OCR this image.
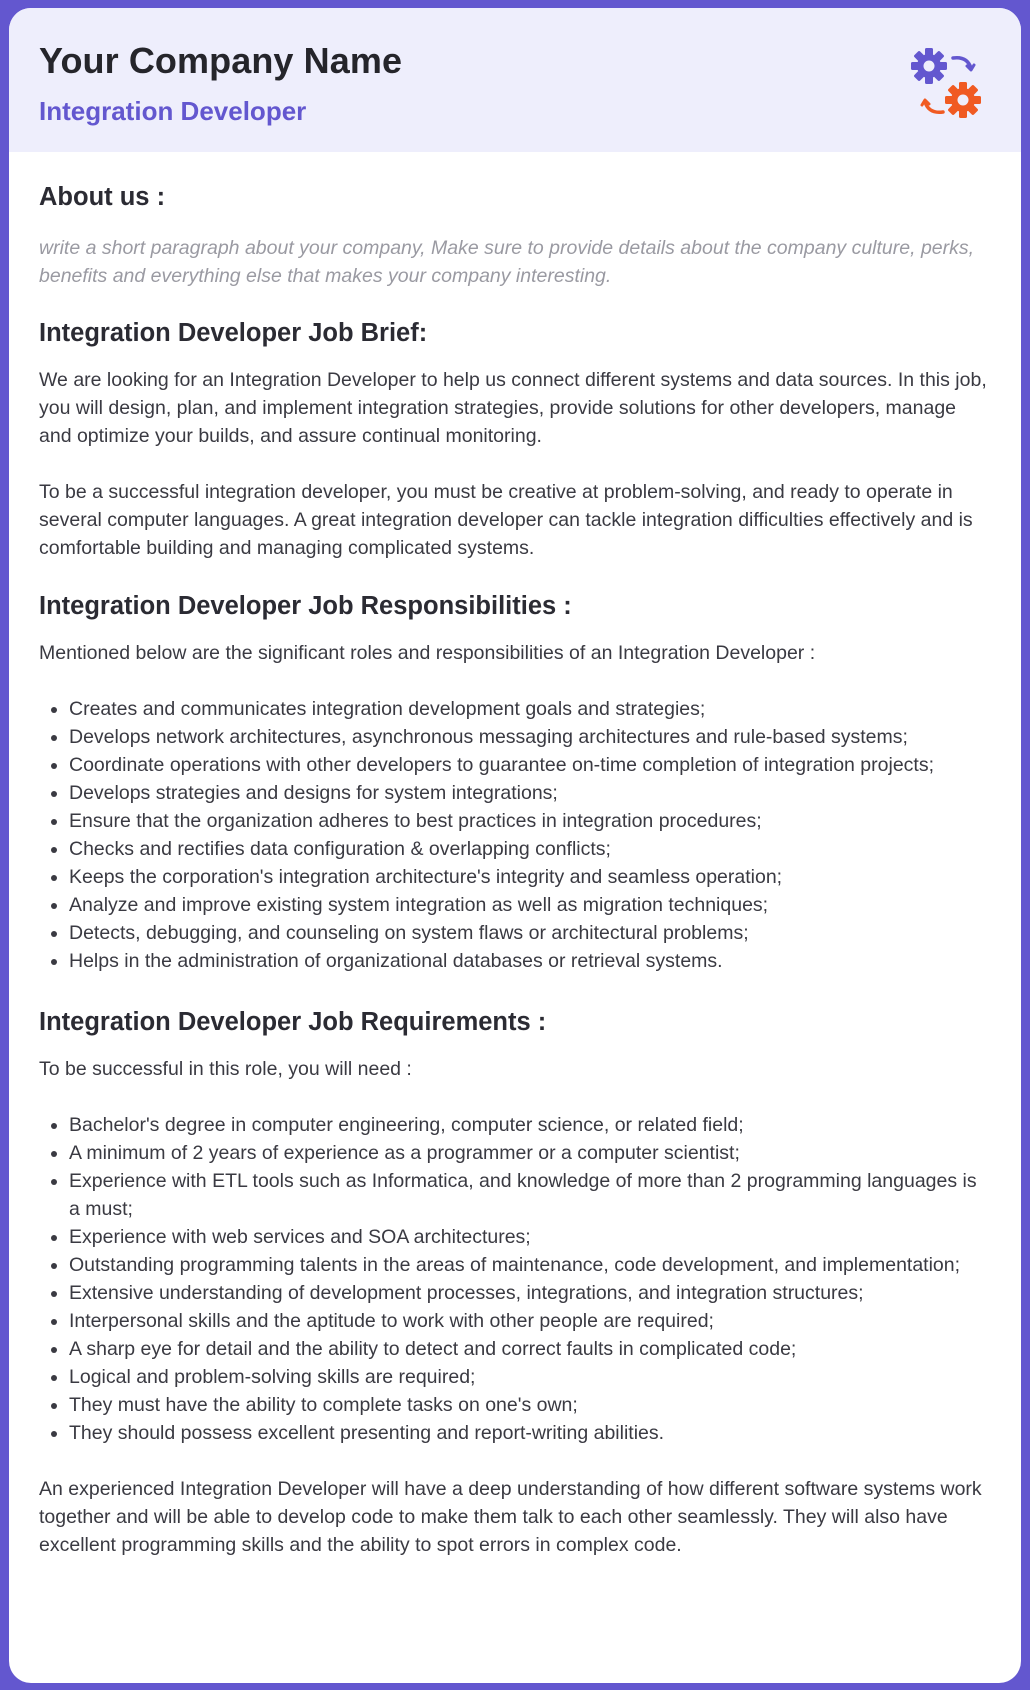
Your Company Name
Integration Developer
About us :

write a short paragraph about your company, Make sure to provide details about the company culture, perks, benefits and everything else that makes your company interesting.

Integration Developer Job Brief:

We are looking for an Integration Developer to help us connect different systems and data sources. In this job, you will design, plan, and implement integration strategies, provide solutions for other developers, manage and optimize your builds, and assure continual monitoring.

To be a successful integration developer, you must be creative at problem-solving, and ready to operate in several computer languages. A great integration developer can tackle integration difficulties effectively and is comfortable building and managing complicated systems.

Integration Developer Job Responsibilities :

Mentioned below are the significant roles and responsibilities of an Integration Developer :

Creates and communicates integration development goals and strategies;
Develops network architectures, asynchronous messaging architectures and rule-based systems;
Coordinate operations with other developers to guarantee on-time completion of integration projects;
Develops strategies and designs for system integrations;
Ensure that the organization adheres to best practices in integration procedures;
Checks and rectifies data configuration & overlapping conflicts;
Keeps the corporation's integration architecture's integrity and seamless operation;
Analyze and improve existing system integration as well as migration techniques;
Detects, debugging, and counseling on system flaws or architectural problems;
Helps in the administration of organizational databases or retrieval systems.
Integration Developer Job Requirements :

To be successful in this role, you will need :

Bachelor's degree in computer engineering, computer science, or related field;
A minimum of 2 years of experience as a programmer or a computer scientist;
Experience with ETL tools such as Informatica, and knowledge of more than 2 programming languages is a must;
Experience with web services and SOA architectures;
Outstanding programming talents in the areas of maintenance, code development, and implementation;
Extensive understanding of development processes, integrations, and integration structures;
Interpersonal skills and the aptitude to work with other people are required;
A sharp eye for detail and the ability to detect and correct faults in complicated code;
Logical and problem-solving skills are required;
They must have the ability to complete tasks on one's own;
They should possess excellent presenting and report-writing abilities.

An experienced Integration Developer will have a deep understanding of how different software systems work together and will be able to develop code to make them talk to each other seamlessly. They will also have excellent programming skills and the ability to spot errors in complex code.
